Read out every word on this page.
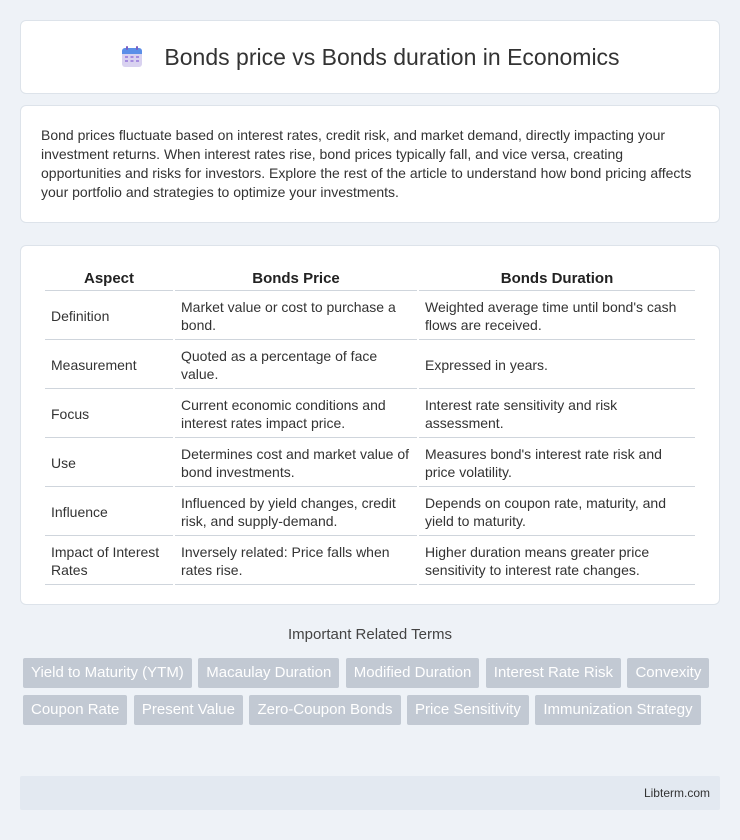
Bonds price vs Bonds duration in Economics

Bond prices fluctuate based on interest rates, credit risk, and market demand, directly impacting your investment returns. When interest rates rise, bond prices typically fall, and vice versa, creating opportunities and risks for investors. Explore the rest of the article to understand how bond pricing affects your portfolio and strategies to optimize your investments.

Aspect	Bonds Price	Bonds Duration
Definition	Market value or cost to purchase a bond.	Weighted average time until bond's cash flows are received.
Measurement	Quoted as a percentage of face value.	Expressed in years.
Focus	Current economic conditions and interest rates impact price.	Interest rate sensitivity and risk assessment.
Use	Determines cost and market value of bond investments.	Measures bond's interest rate risk and price volatility.
Influence	Influenced by yield changes, credit risk, and supply-demand.	Depends on coupon rate, maturity, and yield to maturity.
Impact of Interest Rates	Inversely related: Price falls when rates rise.	Higher duration means greater price sensitivity to interest rate changes.
Important Related Terms
Yield to Maturity (YTM) Macaulay Duration Modified Duration Interest Rate Risk Convexity Coupon Rate Present Value Zero-Coupon Bonds Price Sensitivity Immunization Strategy
Libterm.com
